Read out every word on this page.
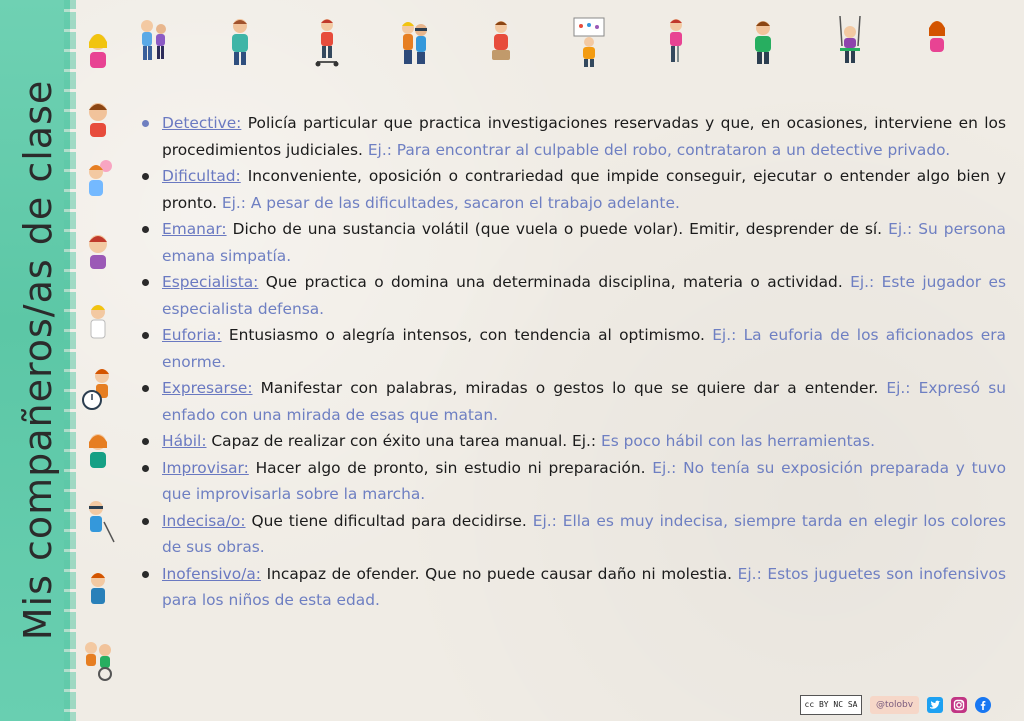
Mis compañeros/as de clase	Detective: Policía particular que practica investigaciones reservadas y que, en ocasiones, interviene en los procedimientos judiciales. Ej.: Para encontrar al culpable del robo, contrataron a un detective privado.
Dificultad: Inconveniente, oposición o contrariedad que impide conseguir, ejecutar o entender algo bien y pronto. Ej.: A pesar de las dificultades, sacaron el trabajo adelante.
Emanar: Dicho de una sustancia volátil (que vuela o puede volar). Emitir, desprender de sí. Ej.: Su persona emana simpatía.
Especialista: Que practica o domina una determinada disciplina, materia o actividad. Ej.: Este jugador es especialista defensa.
Euforia: Entusiasmo o alegría intensos, con tendencia al optimismo. Ej.: La euforia de los aficionados era enorme.
Expresarse: Manifestar con palabras, miradas o gestos lo que se quiere dar a entender. Ej.: Expresó su enfado con una mirada de esas que matan.
Hábil: Capaz de realizar con éxito una tarea manual. Ej.: Es poco hábil con las herramientas.
Improvisar: Hacer algo de pronto, sin estudio ni preparación. Ej.: No tenía su exposición preparada y tuvo que improvisarla sobre la marcha.
Indecisa/o: Que tiene dificultad para decidirse. Ej.: Ella es muy indecisa, siempre tarda en elegir los colores de sus obras.
Inofensivo/a: Incapaz de ofender. Que no puede causar daño ni molestia. Ej.: Estos juguetes son inofensivos para los niños de esta edad.
cc BY NC SA	@tolobv
